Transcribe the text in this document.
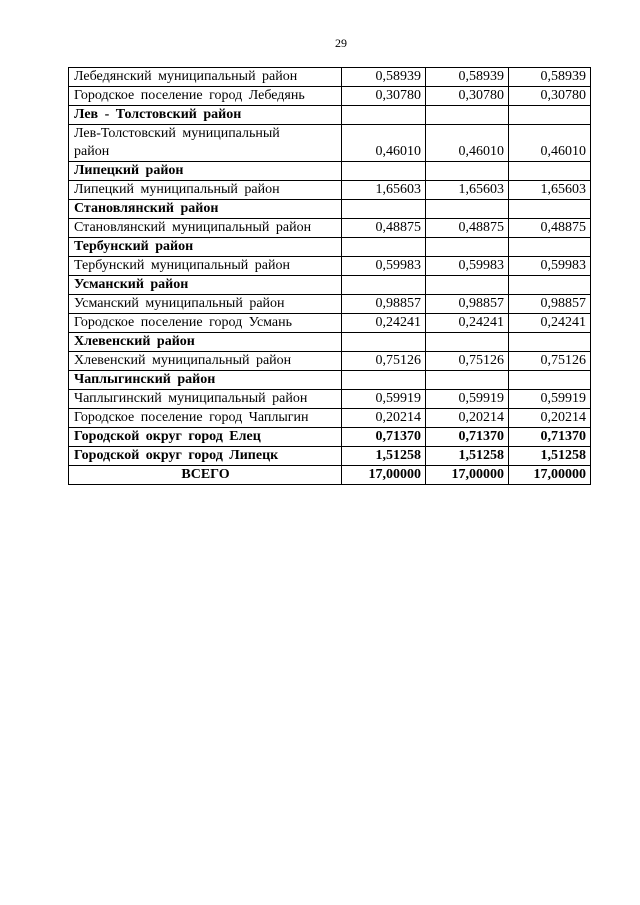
29
Лебедянский муниципальный район	0,58939	0,58939	0,58939
Городское поселение город Лебедянь	0,30780	0,30780	0,30780
Лев - Толстовский район			

Лев-Толстовский муниципальный
район	0,46010	0,46010	0,46010
Липецкий район			
Липецкий муниципальный район	1,65603	1,65603	1,65603
Становлянский район			
Становлянский муниципальный район	0,48875	0,48875	0,48875
Тербунский район			
Тербунский муниципальный район	0,59983	0,59983	0,59983
Усманский район			
Усманский муниципальный район	0,98857	0,98857	0,98857
Городское поселение город Усмань	0,24241	0,24241	0,24241
Хлевенский район			
Хлевенский муниципальный район	0,75126	0,75126	0,75126
Чаплыгинский район			
Чаплыгинский муниципальный район	0,59919	0,59919	0,59919
Городское поселение город Чаплыгин	0,20214	0,20214	0,20214
Городской округ город Елец	0,71370	0,71370	0,71370
Городской округ город Липецк	1,51258	1,51258	1,51258
ВСЕГО	17,00000	17,00000	17,00000
